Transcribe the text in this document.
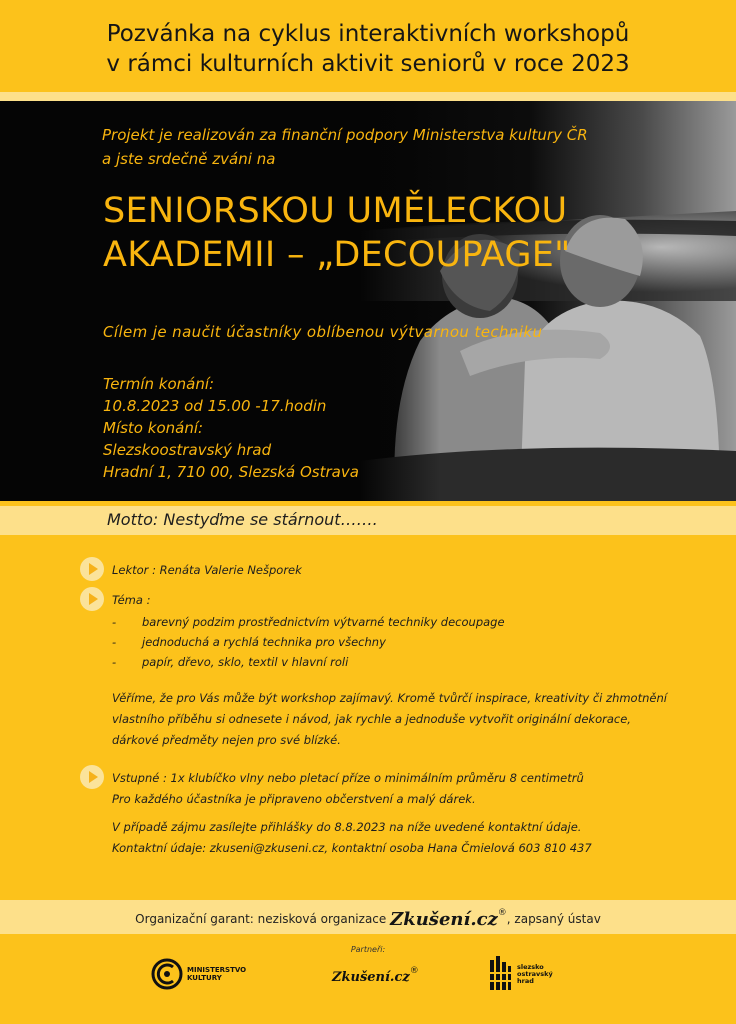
Pozvánka na cyklus interaktivních workshopů
v rámci kulturních aktivit seniorů v roce 2023
Projekt je realizován za finanční podpory Ministerstva kultury ČR
a jste srdečně zváni na
SENIORSKOU UMĚLECKOU
AKADEMII – „DECOUPAGE"
Cílem je naučit účastníky oblíbenou výtvarnou techniku
Termín konání:
10.8.2023 od 15.00 -17.hodin
Místo konání:
Slezskoostravský hrad
Hradní 1, 710 00, Slezská Ostrava
Motto: Nestyďme se stárnout…….
Lektor : Renáta Valerie Nešporek
Téma :
- barevný podzim prostřednictvím výtvarné techniky decoupage
- jednoduchá a rychlá technika pro všechny
- papír, dřevo, sklo, textil v hlavní roli
Věříme, že pro Vás může být workshop zajímavý. Kromě tvůrčí inspirace, kreativity či zhmotnění
vlastního příběhu si odnesete i návod, jak rychle a jednoduše vytvořit originální dekorace,
dárkové předměty nejen pro své blízké.
Vstupné : 1x klubíčko vlny nebo pletací příze o minimálním průměru 8 centimetrů
Pro každého účastníka je připraveno občerstvení a malý dárek.
V případě zájmu zasílejte přihlášky do 8.8.2023 na níže uvedené kontaktní údaje.
Kontaktní údaje: zkuseni@zkuseni.cz, kontaktní osoba Hana Čmielová 603 810 437
Organizační garant: nezisková organizace Zkušení.cz®, zapsaný ústav
Partneři:
MINISTERSTVO
KULTURY	Zkušení.cz®	slezsko
ostravský
hrad
